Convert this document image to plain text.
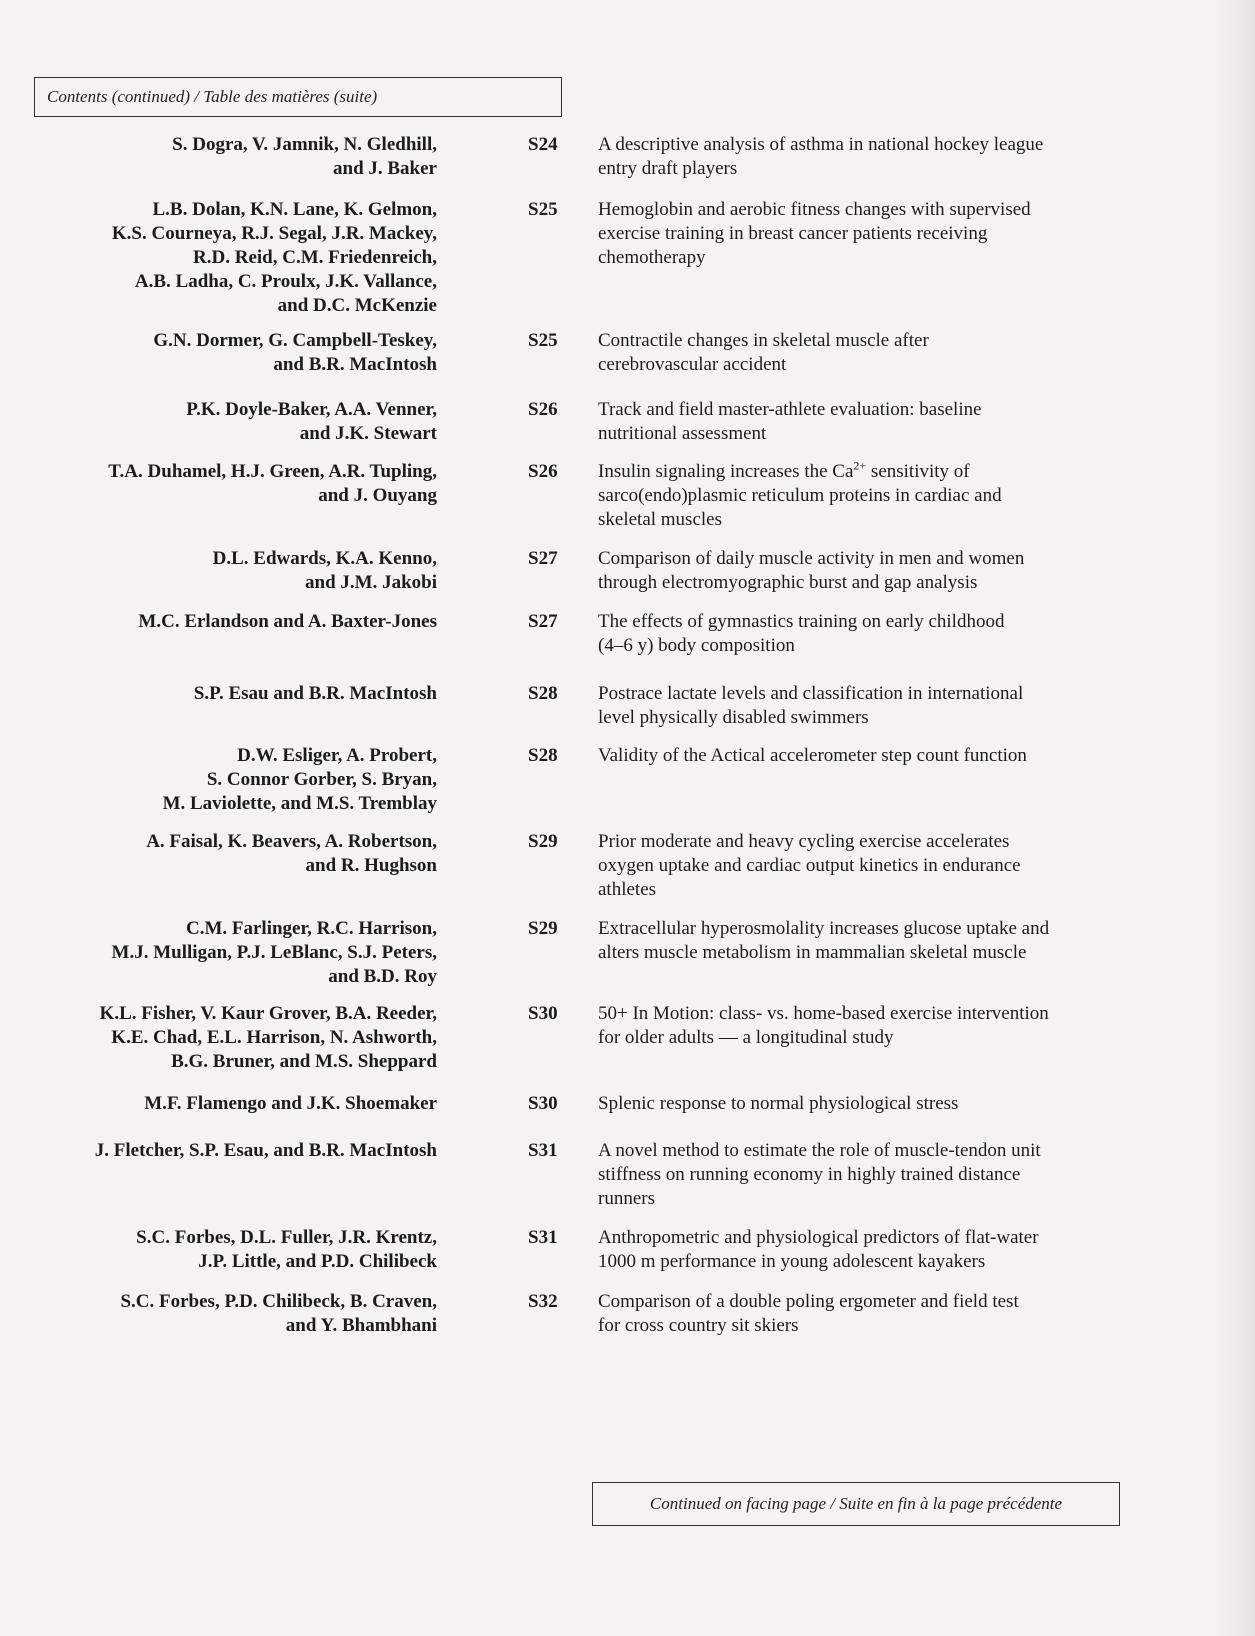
Contents (continued) / Table des matières (suite)
S. Dogra, V. Jamnik, N. Gledhill,
and J. Baker
S24	A descriptive analysis of asthma in national hockey league
entry draft players
L.B. Dolan, K.N. Lane, K. Gelmon,
K.S. Courneya, R.J. Segal, J.R. Mackey,
R.D. Reid, C.M. Friedenreich,
A.B. Ladha, C. Proulx, J.K. Vallance,
and D.C. McKenzie
S25	Hemoglobin and aerobic fitness changes with supervised
exercise training in breast cancer patients receiving
chemotherapy
G.N. Dormer, G. Campbell-Teskey,
and B.R. MacIntosh
S25	Contractile changes in skeletal muscle after
cerebrovascular accident
P.K. Doyle-Baker, A.A. Venner,
and J.K. Stewart
S26	Track and field master-athlete evaluation: baseline
nutritional assessment
T.A. Duhamel, H.J. Green, A.R. Tupling,
and J. Ouyang
S26	Insulin signaling increases the $Ca^{2+}$ sensitivity of
sarco(endo)plasmic reticulum proteins in cardiac and
skeletal muscles
D.L. Edwards, K.A. Kenno,
and J.M. Jakobi
S27	Comparison of daily muscle activity in men and women
through electromyographic burst and gap analysis
M.C. Erlandson and A. Baxter-Jones	S27	The effects of gymnastics training on early childhood
(4–6 y) body composition
S.P. Esau and B.R. MacIntosh	S28	Postrace lactate levels and classification in international
level physically disabled swimmers
D.W. Esliger, A. Probert,
S. Connor Gorber, S. Bryan,
M. Laviolette, and M.S. Tremblay
S28	Validity of the Actical accelerometer step count function
A. Faisal, K. Beavers, A. Robertson,
and R. Hughson
S29	Prior moderate and heavy cycling exercise accelerates
oxygen uptake and cardiac output kinetics in endurance
athletes
C.M. Farlinger, R.C. Harrison,
M.J. Mulligan, P.J. LeBlanc, S.J. Peters,
and B.D. Roy
S29	Extracellular hyperosmolality increases glucose uptake and
alters muscle metabolism in mammalian skeletal muscle
K.L. Fisher, V. Kaur Grover, B.A. Reeder,
K.E. Chad, E.L. Harrison, N. Ashworth,
B.G. Bruner, and M.S. Sheppard
S30	50+ In Motion: class- vs. home-based exercise intervention
for older adults — a longitudinal study
M.F. Flamengo and J.K. Shoemaker	S30	Splenic response to normal physiological stress
J. Fletcher, S.P. Esau, and B.R. MacIntosh	S31	A novel method to estimate the role of muscle-tendon unit
stiffness on running economy in highly trained distance
runners
S.C. Forbes, D.L. Fuller, J.R. Krentz,
J.P. Little, and P.D. Chilibeck
S31	Anthropometric and physiological predictors of flat-water
1000 m performance in young adolescent kayakers
S.C. Forbes, P.D. Chilibeck, B. Craven,
and Y. Bhambhani
S32	Comparison of a double poling ergometer and field test
for cross country sit skiers
Continued on facing page / Suite en fin à la page précédente
